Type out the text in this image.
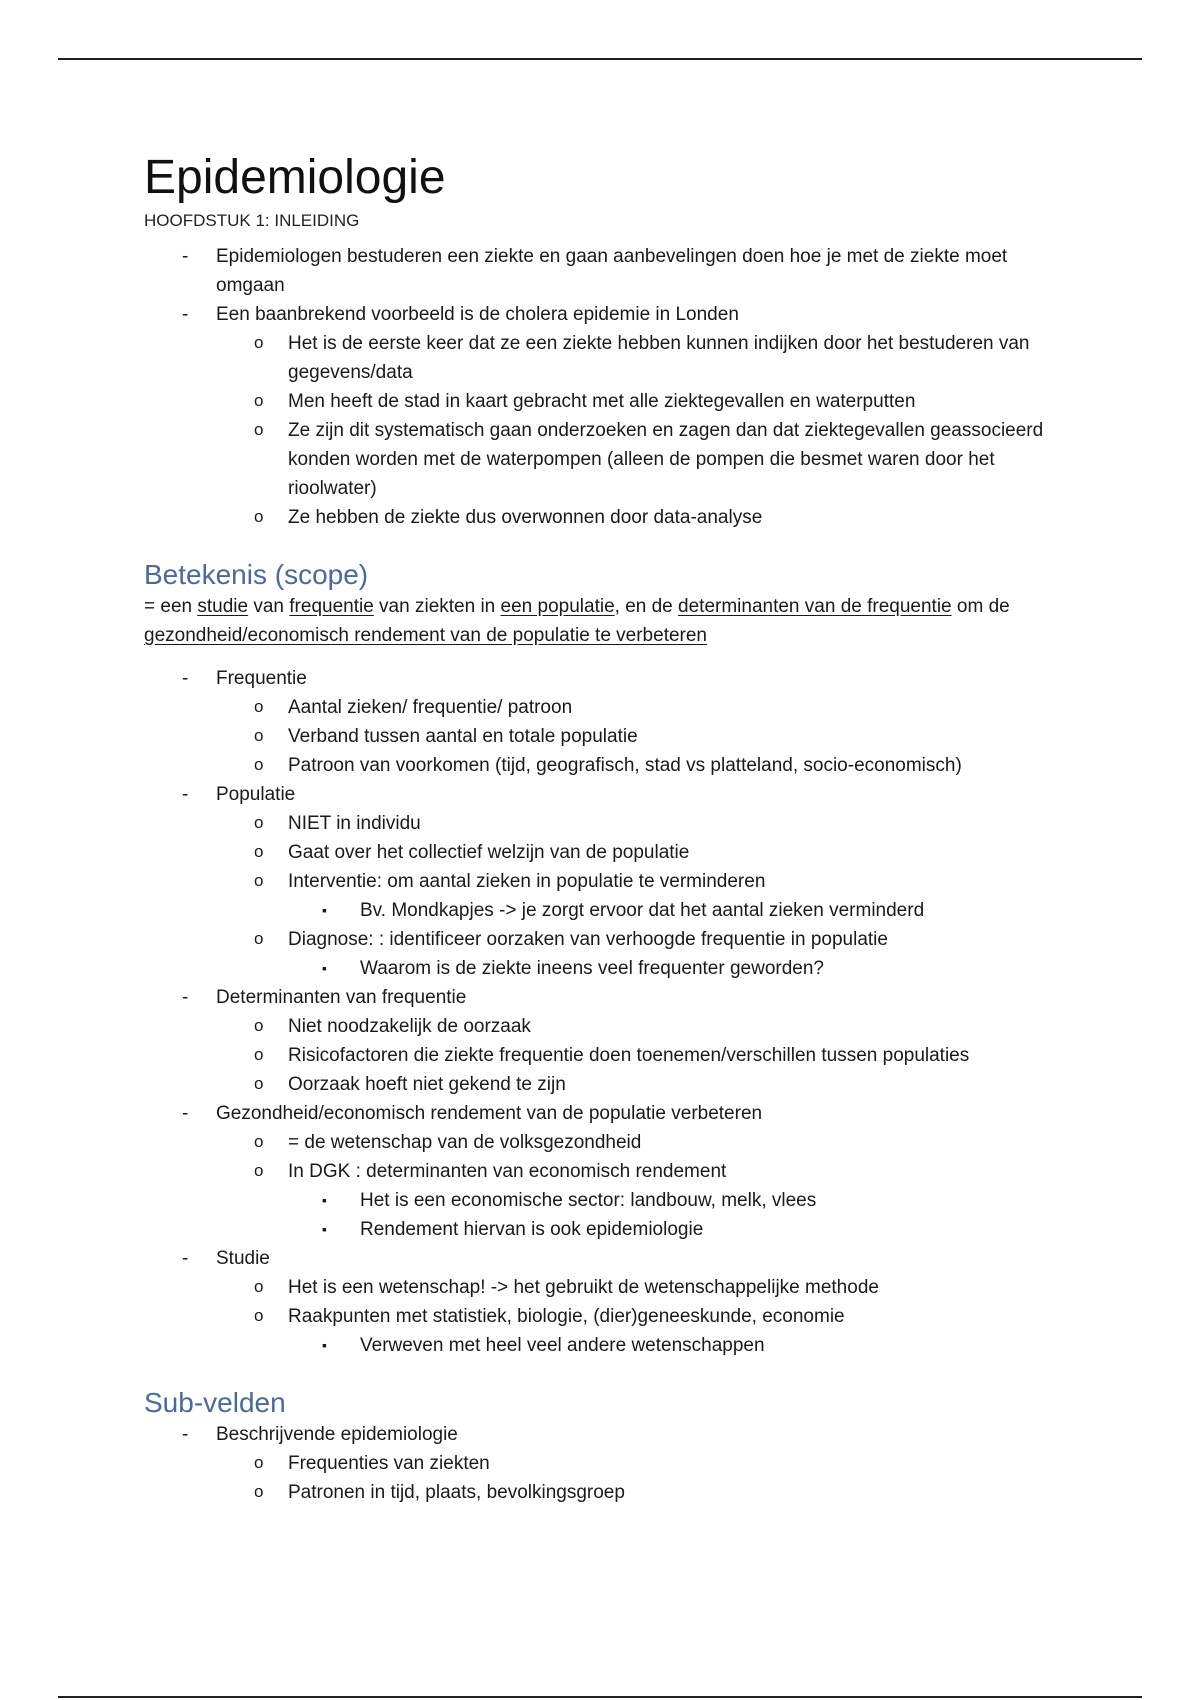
Epidemiologie
HOOFDSTUK 1: INLEIDING
- Epidemiologen bestuderen een ziekte en gaan aanbevelingen doen hoe je met de ziekte moet omgaan
- Een baanbrekend voorbeeld is de cholera epidemie in Londen
o Het is de eerste keer dat ze een ziekte hebben kunnen indijken door het bestuderen van gegevens/data
o Men heeft de stad in kaart gebracht met alle ziektegevallen en waterputten
o Ze zijn dit systematisch gaan onderzoeken en zagen dan dat ziektegevallen geassocieerd konden worden met de waterpompen (alleen de pompen die besmet waren door het rioolwater)
o Ze hebben de ziekte dus overwonnen door data-analyse
Betekenis (scope)

= een studie van frequentie van ziekten in een populatie, en de determinanten van de frequentie om de gezondheid/economisch rendement van de populatie te verbeteren

- Frequentie
o Aantal zieken/ frequentie/ patroon
o Verband tussen aantal en totale populatie
o Patroon van voorkomen (tijd, geografisch, stad vs platteland, socio-economisch)
- Populatie
o NIET in individu
o Gaat over het collectief welzijn van de populatie
o Interventie: om aantal zieken in populatie te verminderen
▪ Bv. Mondkapjes -> je zorgt ervoor dat het aantal zieken verminderd
o Diagnose: : identificeer oorzaken van verhoogde frequentie in populatie
▪ Waarom is de ziekte ineens veel frequenter geworden?
- Determinanten van frequentie
o Niet noodzakelijk de oorzaak
o Risicofactoren die ziekte frequentie doen toenemen/verschillen tussen populaties
o Oorzaak hoeft niet gekend te zijn
- Gezondheid/economisch rendement van de populatie verbeteren
o = de wetenschap van de volksgezondheid
o In DGK : determinanten van economisch rendement
▪ Het is een economische sector: landbouw, melk, vlees
▪ Rendement hiervan is ook epidemiologie
- Studie
o Het is een wetenschap! -> het gebruikt de wetenschappelijke methode
o Raakpunten met statistiek, biologie, (dier)geneeskunde, economie
▪ Verweven met heel veel andere wetenschappen
Sub-velden
- Beschrijvende epidemiologie
o Frequenties van ziekten
o Patronen in tijd, plaats, bevolkingsgroep
